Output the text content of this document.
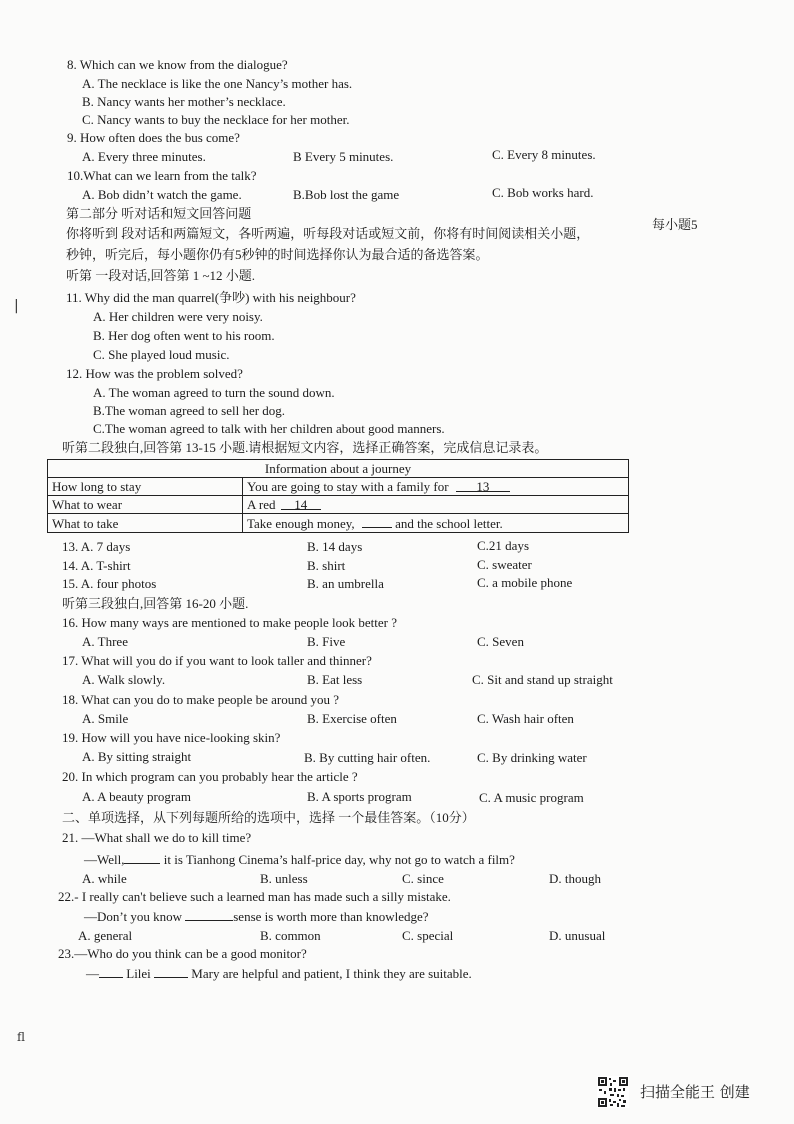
8. Which can we know from the dialogue?
A. The necklace is like the one Nancy’s mother has.
B. Nancy wants her mother’s necklace.
C. Nancy wants to buy the necklace for her mother.
9. How often does the bus come?
A. Every three minutes.	B Every 5 minutes.	C. Every 8 minutes.
10.What can we learn from the talk?
A. Bob didn’t watch the game.	B.Bob lost the game	C. Bob works hard.
第二部分 听对话和短文回答问题
你将听到 段对话和两篇短文，各听两遍，听每段对话或短文前，你将有时间阅读相关小题，
每小题5
秒钟，听完后，每小题你仍有5秒钟的时间选择你认为最合适的备选答案。
听第 一段对话,回答第 1 ~12 小题.
|
11. Why did the man quarrel(争吵) with his neighbour?
A. Her children were very noisy.
B. Her dog often went to his room.
C. She played loud music.
12. How was the problem solved?
A. The woman agreed to turn the sound down.
B.The woman agreed to sell her dog.
C.The woman agreed to talk with her children about good manners.
听第二段独白,回答第 13-15 小题.请根据短文内容，选择正确答案，完成信息记录表。
Information about a journey	
How long to stay	You are going to stay with a family for 13
What to wear	A red 14
What to take	Take enough money, and the school letter.
13. A. 7 days	B. 14 days	C.21 days
14. A. T-shirt	B. shirt	C. sweater
15. A. four photos	B. an umbrella	C. a mobile phone
听第三段独白,回答第 16-20 小题.
16. How many ways are mentioned to make people look better ?
A. Three	B. Five	C. Seven
17. What will you do if you want to look taller and thinner?
A. Walk slowly.	B. Eat less	C. Sit and stand up straight
18. What can you do to make people be around you ?
A. Smile	B. Exercise often	C. Wash hair often
19. How will you have nice-looking skin?
A. By sitting straight	B. By cutting hair often.	C. By drinking water
20. In which program can you probably hear the article ?
A. A beauty program	B. A sports program	C. A music program
二、单项选择，从下列每题所给的选项中，选择 一个最佳答案。（10分）
21. —What shall we do to kill time?
—Well,	it is Tianhong Cinema’s half-price day, why not go to watch a film?
A. while	B. unless	C. since	D. though
22.- I really can't believe such a learned man has made such a silly mistake.
—Don’t you know	sense is worth more than knowledge?
A. general	B. common	C. special	D. unusual
23.—Who do you think can be a good monitor?
— Lilei	Mary are helpful and patient, I think they are suitable.
fl
扫描全能王 创建
